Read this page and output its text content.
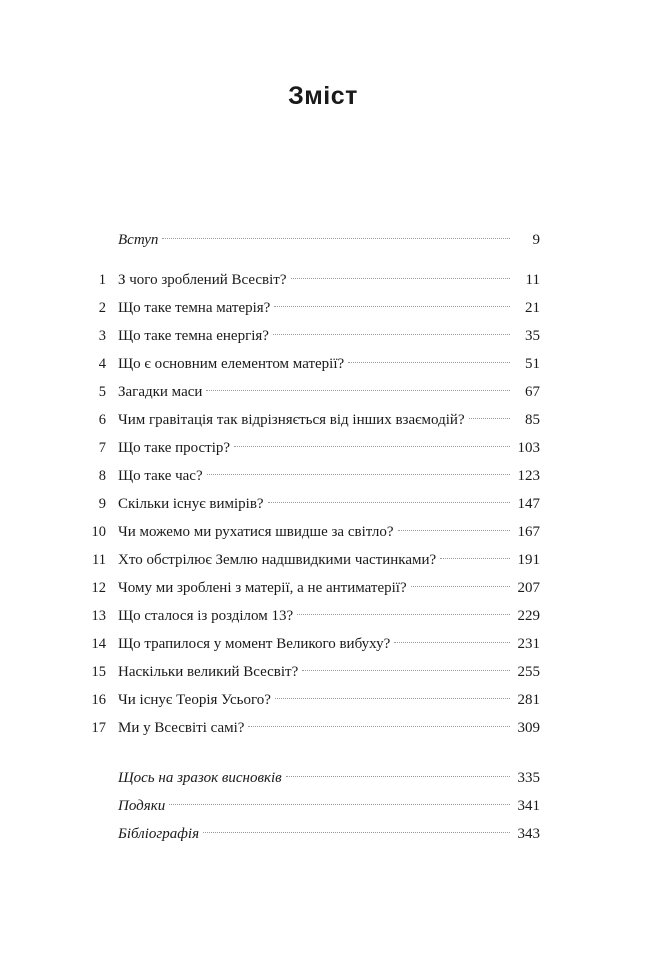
Зміст
Вступ	9
1 З чого зроблений Всесвіт?	11
2 Що таке темна матерія?	21
3 Що таке темна енергія?	35
4 Що є основним елементом матерії?	51
5 Загадки маси	67
6 Чим гравітація так відрізняється від інших взаємодій?	85
7 Що таке простір?	103
8 Що таке час?	123
9 Скільки існує вимірів?	147
10 Чи можемо ми рухатися швидше за світло?	167
11 Хто обстрілює Землю надшвидкими частинками?	191
12 Чому ми зроблені з матерії, а не антиматерії?	207
13 Що сталося із розділом 13?	229
14 Що трапилося у момент Великого вибуху?	231
15 Наскільки великий Всесвіт?	255
16 Чи існує Теорія Усього?	281
17 Ми у Всесвіті самі?	309
Щось на зразок висновків	335
Подяки	341
Бібліографія	343
